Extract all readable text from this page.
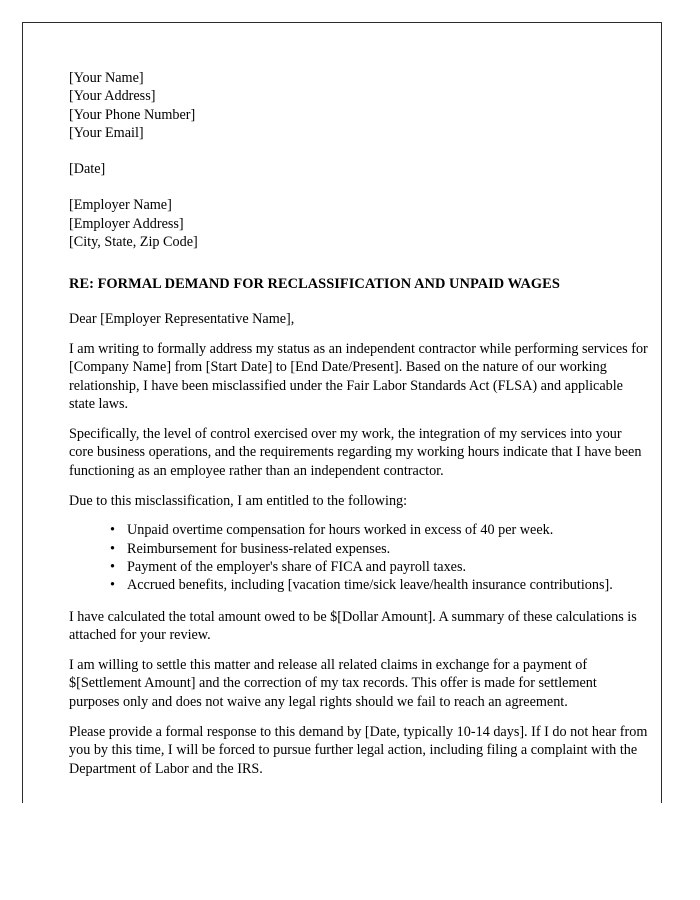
[Your Name]
[Your Address]
[Your Phone Number]
[Your Email]
[Date]
[Employer Name]
[Employer Address]
[City, State, Zip Code]

RE: FORMAL DEMAND FOR RECLASSIFICATION AND UNPAID WAGES

Dear [Employer Representative Name],

I am writing to formally address my status as an independent contractor while performing services for [Company Name] from [Start Date] to [End Date/Present]. Based on the nature of our working relationship, I have been misclassified under the Fair Labor Standards Act (FLSA) and applicable state laws.

Specifically, the level of control exercised over my work, the integration of my services into your core business operations, and the requirements regarding my working hours indicate that I have been functioning as an employee rather than an independent contractor.

Due to this misclassification, I am entitled to the following:

• Unpaid overtime compensation for hours worked in excess of 40 per week.
• Reimbursement for business-related expenses.
• Payment of the employer's share of FICA and payroll taxes.
• Accrued benefits, including [vacation time/sick leave/health insurance contributions].

I have calculated the total amount owed to be $[Dollar Amount]. A summary of these calculations is attached for your review.

I am willing to settle this matter and release all related claims in exchange for a payment of $[Settlement Amount] and the correction of my tax records. This offer is made for settlement purposes only and does not waive any legal rights should we fail to reach an agreement.

Please provide a formal response to this demand by [Date, typically 10-14 days]. If I do not hear from you by this time, I will be forced to pursue further legal action, including filing a complaint with the Department of Labor and the IRS.
